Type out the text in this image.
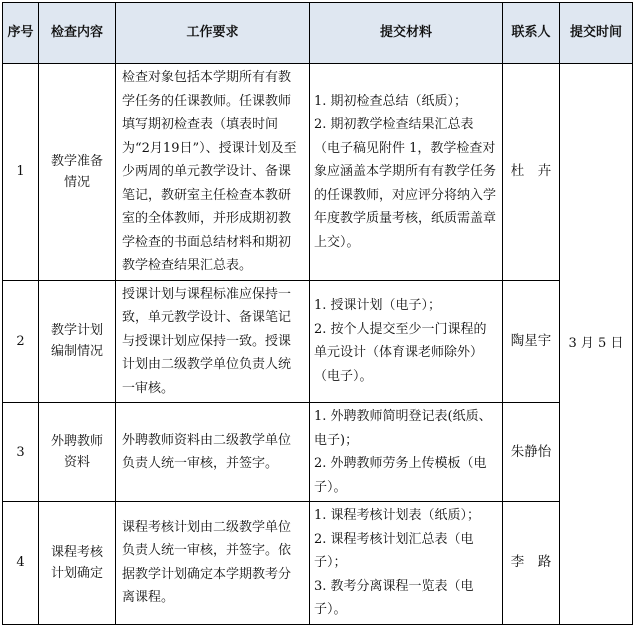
序号	检查内容	工作要求	提交材料	联系人	提交时间
1	教学准备情况	检查对象包括本学期所有有教学任务的任课教师。任课教师填写期初检查表（填表时间为“2月19日”）、授课计划及至少两周的单元教学设计、备课笔记，教研室主任检查本教研室的全体教师，并形成期初教学检查的书面总结材料和期初教学检查结果汇总表。	1. 期初检查总结（纸质）；
2. 期初教学检查结果汇总表（电子稿见附件 1，教学检查对象应涵盖本学期所有有教学任务的任课教师，对应评分将纳入学年度教学质量考核，纸质需盖章上交）。	杜　卉	3 月 5 日
2	教学计划编制情况	授课计划与课程标准应保持一致，单元教学设计、备课笔记与授课计划应保持一致。授课计划由二级教学单位负责人统一审核。	1. 授课计划（电子）；
2. 按个人提交至少一门课程的单元设计（体育课老师除外）（电子）。	陶星宇	
3	外聘教师资料	外聘教师资料由二级教学单位负责人统一审核，并签字。	1. 外聘教师简明登记表(纸质、电子)；
2. 外聘教师劳务上传模板（电子）。	朱静怡	
4	课程考核计划确定	课程考核计划由二级教学单位负责人统一审核，并签字。依据教学计划确定本学期教考分离课程。	1. 课程考核计划表（纸质）；
2. 课程考核计划汇总表（电子）；
3. 教考分离课程一览表（电子）。	李　路	
